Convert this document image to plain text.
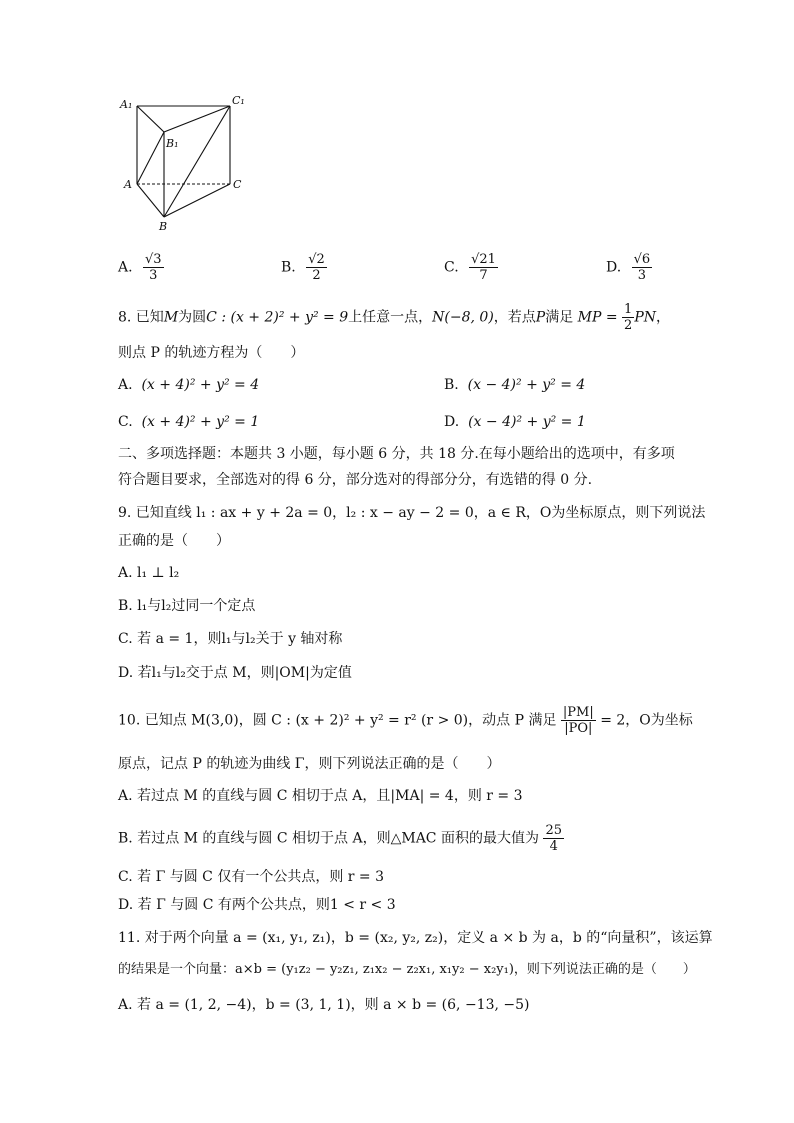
A₁	C₁
B₁
A	C
B
A. $\frac{√3}{3}$	B. $\frac{√2}{2}$	C. $\frac{√21}{7}$	D. $\frac{√6}{3}$
8. 已知M为圆C : (x + 2)² + y² = 9上任意一点，N(−8, 0)，若点P满足 MP = $\frac{1}{2}$ PN，
则点 P 的轨迹方程为（　　）
A. (x + 4)² + y² = 4	B. (x − 4)² + y² = 4
C. (x + 4)² + y² = 1	D. (x − 4)² + y² = 1
二、多项选择题：本题共 3 小题，每小题 6 分，共 18 分.在每小题给出的选项中，有多项
符合题目要求，全部选对的得 6 分，部分选对的得部分分，有选错的得 0 分.
9. 已知直线 l₁ : ax + y + 2a = 0，l₂ : x − ay − 2 = 0，a ∈ R，O为坐标原点，则下列说法
正确的是（　　）
A. l₁ ⊥ l₂
B. l₁与l₂过同一个定点
C. 若 a = 1，则l₁与l₂关于 y 轴对称
D. 若l₁与l₂交于点 M，则|OM|为定值
10. 已知点 M(3,0)，圆 C : (x + 2)² + y² = r² (r > 0)，动点 P 满足 $\frac{|PM|}{|PO|} = 2$，O为坐标
原点，记点 P 的轨迹为曲线 Γ，则下列说法正确的是（　　）
A. 若过点 M 的直线与圆 C 相切于点 A，且|MA| = 4，则 r = 3
B. 若过点 M 的直线与圆 C 相切于点 A，则△MAC 面积的最大值为 $\frac{25}{4}$
C. 若 Γ 与圆 C 仅有一个公共点，则 r = 3
D. 若 Γ 与圆 C 有两个公共点，则1 < r < 3
11. 对于两个向量 a = (x₁, y₁, z₁)，b = (x₂, y₂, z₂)，定义 a × b 为 a，b 的“向量积”，该运算
的结果是一个向量：a×b = (y₁z₂ − y₂z₁, z₁x₂ − z₂x₁, x₁y₂ − x₂y₁)，则下列说法正确的是（　　）
A. 若 a = (1, 2, −4)，b = (3, 1, 1)，则 a × b = (6, −13, −5)
